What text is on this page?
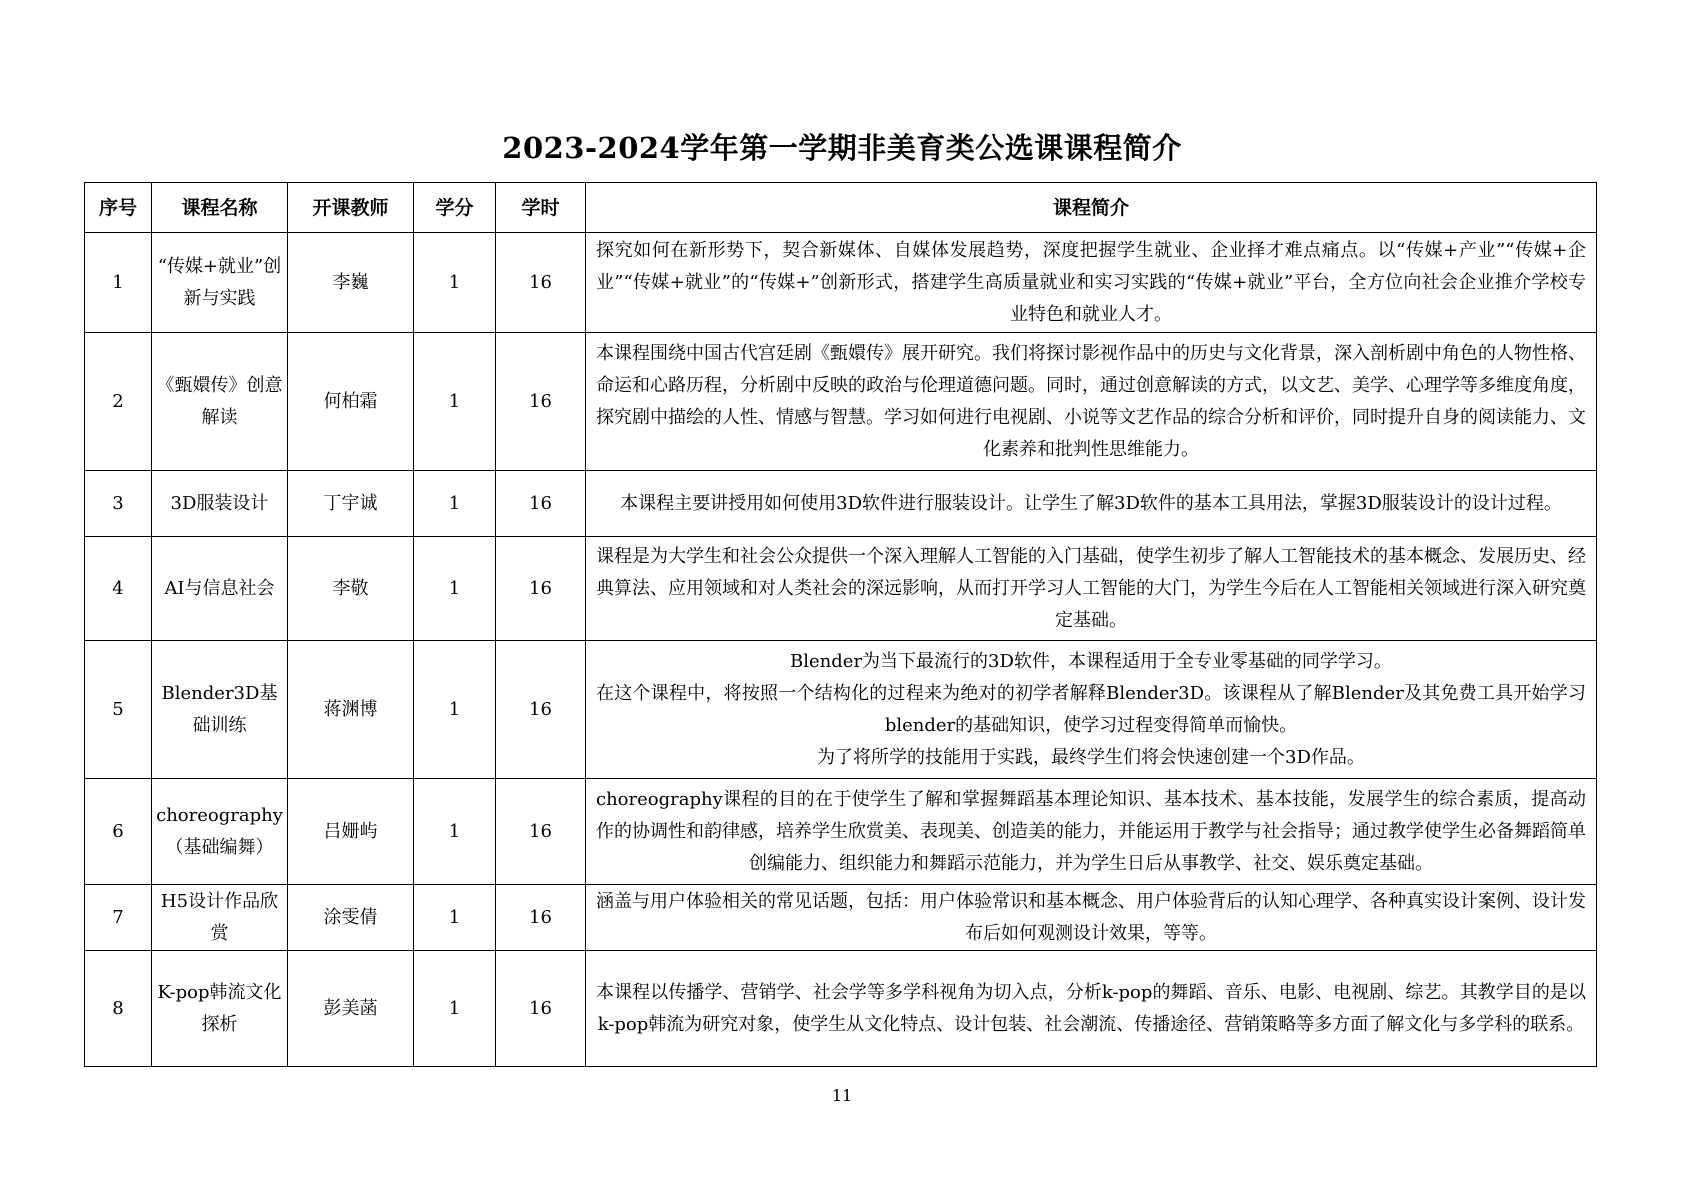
2023-2024学年第一学期非美育类公选课课程简介
序号	课程名称	开课教师	学分	学时	课程简介
1	“传媒+就业”创新与实践	李巍	1	16	探究如何在新形势下，契合新媒体、自媒体发展趋势，深度把握学生就业、企业择才难点痛点。以“传媒+产业”“传媒+企业”“传媒+就业”的“传媒+”创新形式，搭建学生高质量就业和实习实践的“传媒+就业”平台，全方位向社会企业推介学校专业特色和就业人才。
2	《甄嬛传》创意解读	何柏霜	1	16	本课程围绕中国古代宫廷剧《甄嬛传》展开研究。我们将探讨影视作品中的历史与文化背景，深入剖析剧中角色的人物性格、命运和心路历程，分析剧中反映的政治与伦理道德问题。同时，通过创意解读的方式，以文艺、美学、心理学等多维度角度，探究剧中描绘的人性、情感与智慧。学习如何进行电视剧、小说等文艺作品的综合分析和评价，同时提升自身的阅读能力、文化素养和批判性思维能力。
3	3D服装设计	丁宇诚	1	16	本课程主要讲授用如何使用3D软件进行服装设计。让学生了解3D软件的基本工具用法，掌握3D服装设计的设计过程。
4	AI与信息社会	李敬	1	16	课程是为大学生和社会公众提供一个深入理解人工智能的入门基础，使学生初步了解人工智能技术的基本概念、发展历史、经典算法、应用领域和对人类社会的深远影响，从而打开学习人工智能的大门，为学生今后在人工智能相关领域进行深入研究奠定基础。
5	Blender3D基础训练	蒋渊博	1	16	Blender为当下最流行的3D软件，本课程适用于全专业零基础的同学学习。
在这个课程中，将按照一个结构化的过程来为绝对的初学者解释Blender3D。该课程从了解Blender及其免费工具开始学习blender的基础知识，使学习过程变得简单而愉快。
为了将所学的技能用于实践，最终学生们将会快速创建一个3D作品。

6	choreography（基础编舞）	吕姗屿	1	16	choreography课程的目的在于使学生了解和掌握舞蹈基本理论知识、基本技术、基本技能，发展学生的综合素质，提高动作的协调性和韵律感，培养学生欣赏美、表现美、创造美的能力，并能运用于教学与社会指导；通过教学使学生必备舞蹈简单创编能力、组织能力和舞蹈示范能力，并为学生日后从事教学、社交、娱乐奠定基础。
7	H5设计作品欣赏	涂雯倩	1	16	涵盖与用户体验相关的常见话题，包括：用户体验常识和基本概念、用户体验背后的认知心理学、各种真实设计案例、设计发布后如何观测设计效果，等等。
8	K-pop韩流文化探析	彭美菡	1	16	本课程以传播学、营销学、社会学等多学科视角为切入点，分析k-pop的舞蹈、音乐、电影、电视剧、综艺。其教学目的是以k-pop韩流为研究对象，使学生从文化特点、设计包装、社会潮流、传播途径、营销策略等多方面了解文化与多学科的联系。
11
